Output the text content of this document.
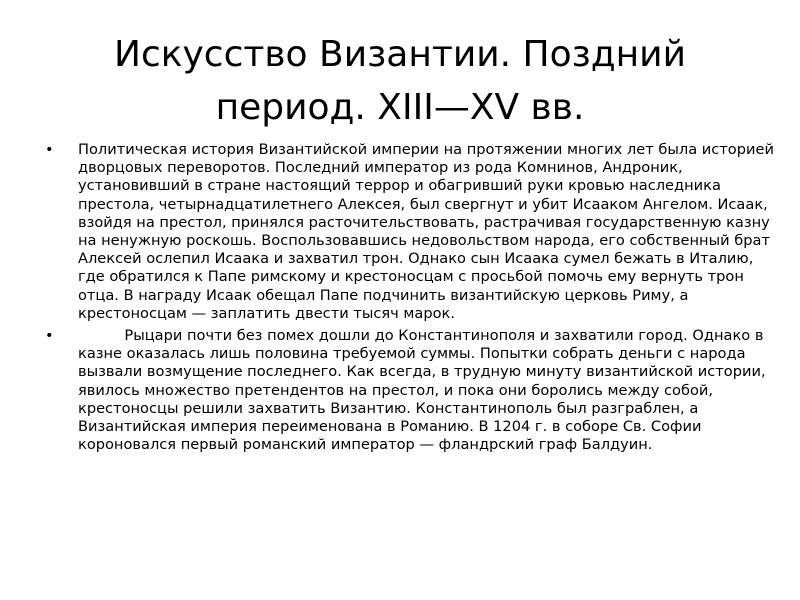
Искусство Византии. Поздний
период. XIII—XV вв.
• Политическая история Византийской империи на протяжении многих лет была историей дворцовых переворотов. Последний император из рода Комнинов, Андроник, установивший в стране настоящий террор и обагривший руки кровью наследника престола, четырнадцатилетнего Алексея, был свергнут и убит Исааком Ангелом. Исаак, взойдя на престол, принялся расточительствовать, растрачивая государственную казну на ненужную роскошь. Воспользовавшись недовольством народа, его собственный брат Алексей ослепил Исаака и захватил трон. Однако сын Исаака сумел бежать в Италию, где обратился к Папе римскому и крестоносцам с просьбой помочь ему вернуть трон отца. В награду Исаак обещал Папе подчинить византийскую церковь Риму, а крестоносцам — заплатить двести тысяч марок.
• Рыцари почти без помех дошли до Константинополя и захватили город. Однако в казне оказалась лишь половина требуемой суммы. Попытки собрать деньги с народа вызвали возмущение последнего. Как всегда, в трудную минуту византийской истории, явилось множество претендентов на престол, и пока они боролись между собой, крестоносцы решили захватить Византию. Константинополь был разграблен, а Византийская империя переименована в Романию. В 1204 г. в соборе Св. Софии короновался первый романский император — фландрский граф Балдуин.
